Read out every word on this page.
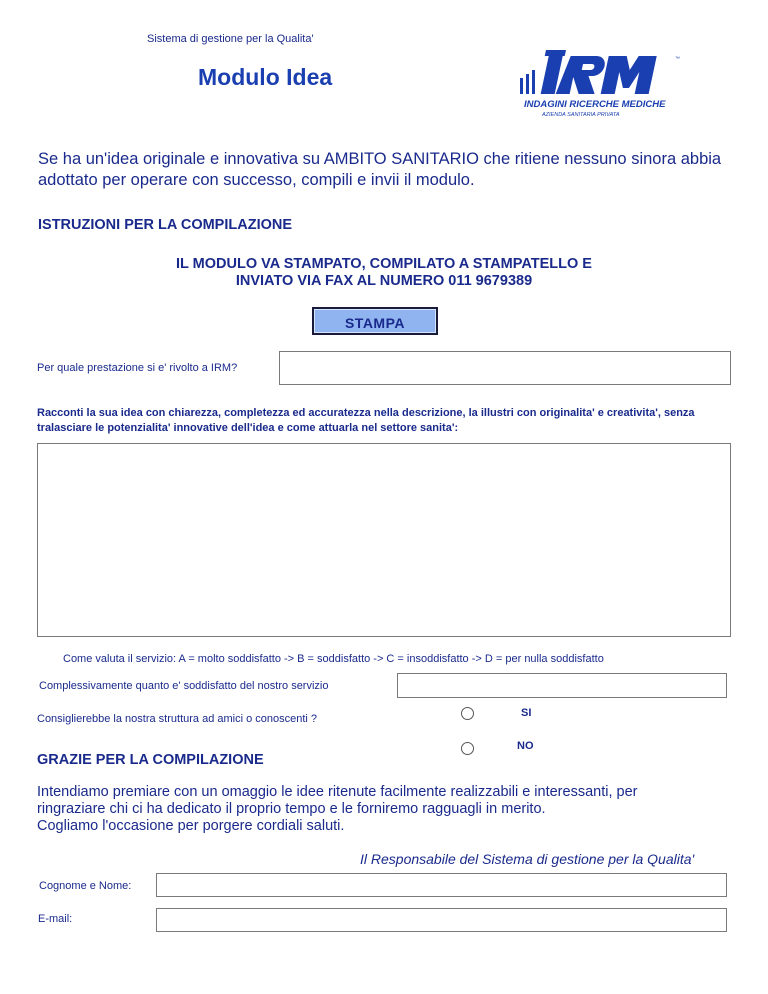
Sistema di gestione per la Qualita'
Modulo Idea
™
INDAGINI RICERCHE MEDICHE
AZIENDA SANITARIA PRIVATA
Se ha un'idea originale e innovativa su AMBITO SANITARIO che ritiene nessuno sinora abbia adottato per operare con successo, compili e invii il modulo.
ISTRUZIONI PER LA COMPILAZIONE
IL MODULO VA STAMPATO, COMPILATO A STAMPATELLO E
INVIATO VIA FAX AL NUMERO 011 9679389
STAMPA
Per quale prestazione si e' rivolto a IRM?
Racconti la sua idea con chiarezza, completezza ed accuratezza nella descrizione, la illustri con originalita' e creativita', senza tralasciare le potenzialita' innovative dell'idea e come attuarla nel settore sanita':
Come valuta il servizio: A = molto soddisfatto -> B = soddisfatto -> C = insoddisfatto -> D = per nulla soddisfatto
Complessivamente quanto e' soddisfatto del nostro servizio
Consiglierebbe la nostra struttura ad amici o conoscenti ?	SI
NO
GRAZIE PER LA COMPILAZIONE
Intendiamo premiare con un omaggio le idee ritenute facilmente realizzabili e interessanti, per
ringraziare chi ci ha dedicato il proprio tempo e le forniremo ragguagli in merito.
Cogliamo l'occasione per porgere cordiali saluti.
Il Responsabile del Sistema di gestione per la Qualita'
Cognome e Nome:
E-mail:
